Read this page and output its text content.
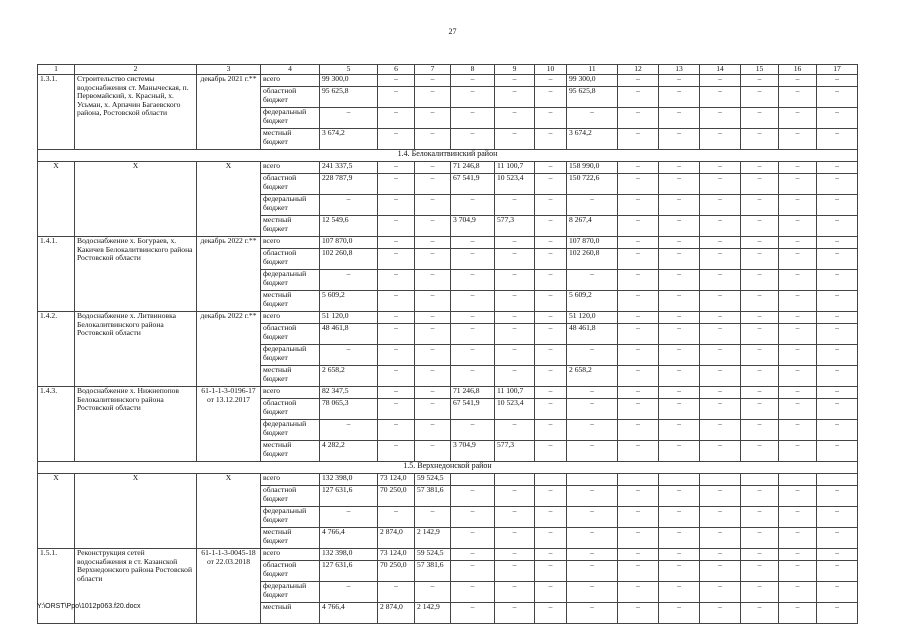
27
1	2	3	4	5	6	7	8	9	10	11	12	13	14	15	16	17
1.3.1.	Строительство системы водоснабжения ст. Маныческая, п. Первомайский, х. Красный, х. Усьман, х. Арпачин Багаевского района, Ростовской области	декабрь 2021 г.**	всего	99 300,0	–	–	–	–	–	99 300,0	–	–	–	–	–	–
			областной бюджет	95 625,8	–	–	–	–	–	95 625,8	–	–	–	–	–	–
			федеральный бюджет	–	–	–	–	–	–	–	–	–	–	–	–	–
			местный бюджет	3 674,2	–	–	–	–	–	3 674,2	–	–	–	–	–	–
1.4. Белокалитвинский район																
Х	Х	Х	всего	241 337,5	–	–	71 246,8	11 100,7	–	158 990,0	–	–	–	–	–	–
			областной бюджет	228 787,9	–	–	67 541,9	10 523,4	–	150 722,6	–	–	–	–	–	–
			федеральный бюджет	–	–	–	–	–	–	–	–	–	–	–	–	–
			местный бюджет	12 549,6	–	–	3 704,9	577,3	–	8 267,4	–	–	–	–	–	–
1.4.1.	Водоснабжение х. Богураев, х. Какичев Белокалитвинского района Ростовской области	декабрь 2022 г.**	всего	107 870,0	–	–	–	–	–	107 870,0	–	–	–	–	–	–
			областной бюджет	102 260,8	–	–	–	–	–	102 260,8	–	–	–	–	–	–
			федеральный бюджет	–	–	–	–	–	–	–	–	–	–	–	–	–
			местный бюджет	5 609,2	–	–	–	–	–	5 609,2	–	–	–	–	–	–
1.4.2.	Водоснабжение х. Литвиновка Белокалитвинского района Ростовской области	декабрь 2022 г.**	всего	51 120,0	–	–	–	–	–	51 120,0	–	–	–	–	–	–
			областной бюджет	48 461,8	–	–	–	–	–	48 461,8	–	–	–	–	–	–
			федеральный бюджет	–	–	–	–	–	–	–	–	–	–	–	–	–
			местный бюджет	2 658,2	–	–	–	–	–	2 658,2	–	–	–	–	–	–
1.4.3.	Водоснабжение х. Нижнепопов Белокалитвинского района Ростовской области	61-1-1-3-0196-17 от 13.12.2017	всего	82 347,5	–	–	71 246,8	11 100,7	–	–	–	–	–	–	–	–
			областной бюджет	78 065,3	–	–	67 541,9	10 523,4	–	–	–	–	–	–	–	–
			федеральный бюджет	–	–	–	–	–	–	–	–	–	–	–	–	–
			местный бюджет	4 282,2	–	–	3 704,9	577,3	–	–	–	–	–	–	–	–
1.5. Верхнедонской район																
Х	Х	Х	всего	132 398,0	73 124,0	59 524,5										
			областной бюджет	127 631,6	70 250,0	57 381,6	–	–	–	–	–	–	–	–	–	–
			федеральный бюджет	–	–	–	–	–	–	–	–	–	–	–	–	–
			местный бюджет	4 766,4	2 874,0	2 142,9	–	–	–	–	–	–	–	–	–	–
1.5.1.	Реконструкция сетей водоснабжения в ст. Казанской Верхнедонского района Ростовской области	61-1-1-3-0045-18 от 22.03.2018	всего	132 398,0	73 124,0	59 524,5	–	–	–	–	–	–	–	–	–	–
			областной бюджет	127 631,6	70 250,0	57 381,6	–	–	–	–	–	–	–	–	–	–
			федеральный бюджет	–	–	–	–	–	–	–	–	–	–	–	–	–
			местный	4 766,4	2 874,0	2 142,9	–	–	–	–	–	–	–	–	–	–
Y:\ORST\Ppo\1012p063.f20.docx
